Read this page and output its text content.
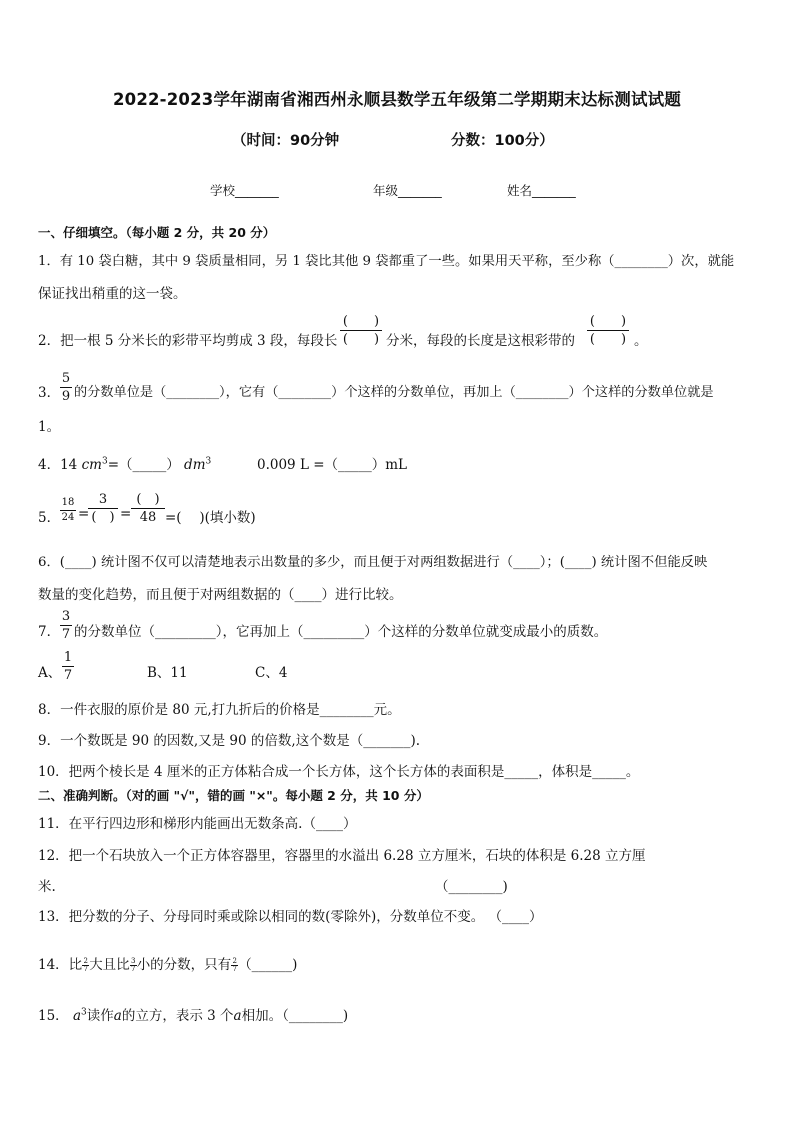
2022-2023学年湖南省湘西州永顺县数学五年级第二学期期末达标测试试题
（时间：90分钟	分数：100分）
学校_______	年级_______	姓名_______
一、仔细填空。（每小题 2 分，共 20 分）
1．有 10 袋白糖，其中 9 袋质量相同，另 1 袋比其他 9 袋都重了一些。如果用天平称，至少称（________）次，就能
保证找出稍重的这一袋。
2．把一根 5 分米长的彩带平均剪成 3 段，每段长
(　　)
(　　) 分米，每段的长度是这根彩带的
(　　)
(　　) 。
3．
5
9 的分数单位是（________），它有（________）个这样的分数单位，再加上（________）个这样的分数单位就是
1。
4．14 $cm^3=(\_\_\_\_\_)$ $dm^3$	0.009 L =（_____）mL
5．
18
24 =
3
(　) =
(　)
48 =(　 )(填小数)
6．(____) 统计图不仅可以清楚地表示出数量的多少，而且便于对两组数据进行（____）；(____) 统计图不但能反映
数量的变化趋势，而且便于对两组数据的（____）进行比较。
7．
3
7 的分数单位（_________），它再加上（_________）个这样的分数单位就变成最小的质数。
A、
1
7	B、11	C、4
8．一件衣服的原价是 80 元,打九折后的价格是________元。
9．一个数既是 90 的因数,又是 90 的倍数,这个数是（_______).
10．把两个棱长是 4 厘米的正方体粘合成一个长方体，这个长方体的表面积是_____，体积是_____。
二、准确判断。（对的画 "√"，错的画 "×"。每小题 2 分，共 10 分）
11．在平行四边形和梯形内能画出无数条高.（____）
12．把一个石块放入一个正方体容器里，容器里的水溢出 6.28 立方厘米，石块的体积是 6.28 立方厘
米.	（________)
13．把分数的分子、分母同时乘或除以相同的数(零除外)，分数单位不变。 （____）
14．比 $\frac{2}{7}$ 大且比 $\frac{3}{7}$ 小的分数，只有 $\frac{2}{7}$ （______)
15． $a^3$读作a的立方，表示 3 个a相加。（________)
